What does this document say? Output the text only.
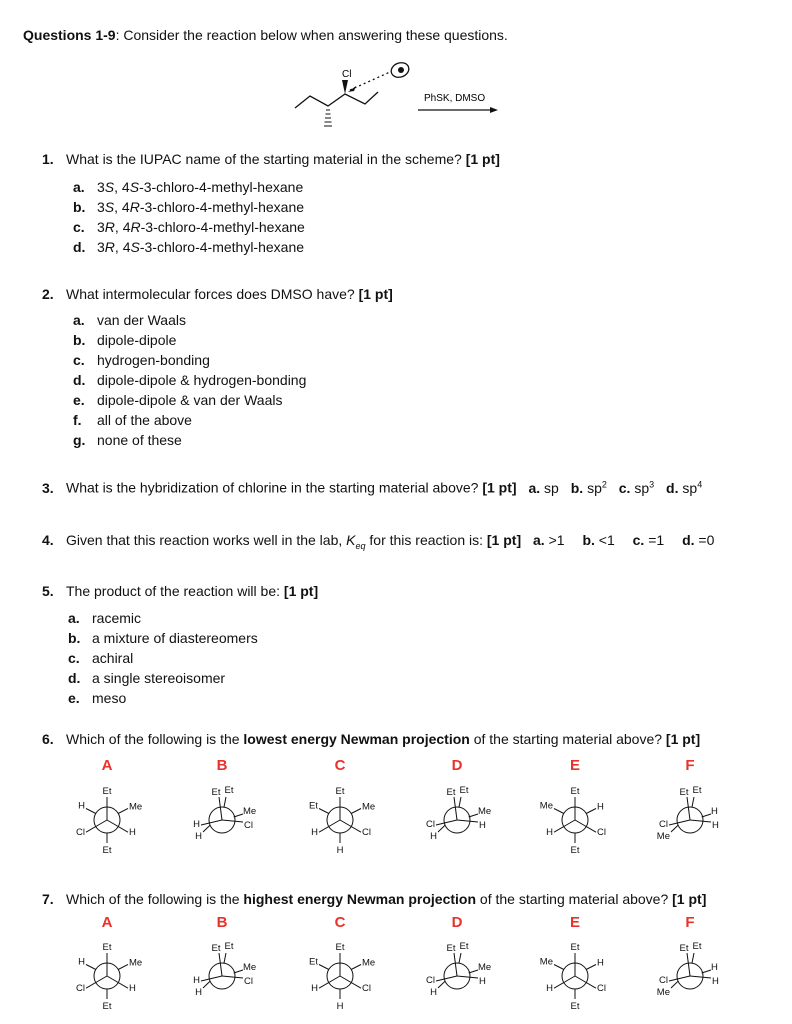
Questions 1-9: Consider the reaction below when answering these questions.
Cl
PhSK, DMSO
1. What is the IUPAC name of the starting material in the scheme? [1 pt]
a. 3S, 4S-3-chloro-4-methyl-hexane
b. 3S, 4R-3-chloro-4-methyl-hexane
c. 3R, 4R-3-chloro-4-methyl-hexane
d. 3R, 4S-3-chloro-4-methyl-hexane
2. What intermolecular forces does DMSO have? [1 pt]
a. van der Waals
b. dipole-dipole
c. hydrogen-bonding
d. dipole-dipole & hydrogen-bonding
e. dipole-dipole & van der Waals
f. all of the above
g. none of these
3. What is the hybridization of chlorine in the starting material above? [1 pt] a. sp b. $sp^2$ c. $sp^3$ d. $sp^4$
4. Given that this reaction works well in the lab, $K_{eq}$ for this reaction is: [1 pt] a. >1 b. <1 c. =1 d. =0
5. The product of the reaction will be: [1 pt]
a. racemic
b. a mixture of diastereomers
c. achiral
d. a single stereoisomer
e. meso
6. Which of the following is the lowest energy Newman projection of the starting material above? [1 pt]
7. Which of the following is the highest energy Newman projection of the starting material above? [1 pt]
A
Et
H	Me
Cl	H
Et
B
Et Et
Me
Cl
H
H
C
Et
Et	Me
H	Cl
H
D
Et Et
Me
H
Cl
H
E
Et
Me	H
H	Cl
Et
F
Et Et
H
H
Cl
Me
A
Et
H	Me
Cl	H
Et
B
Et Et
Me
Cl
H
H
C
Et
Et	Me
H	Cl
H
D
Et Et
Me
H
Cl
H
E
Et
Me	H
H	Cl
Et
F
Et Et
H
H
Cl
Me
